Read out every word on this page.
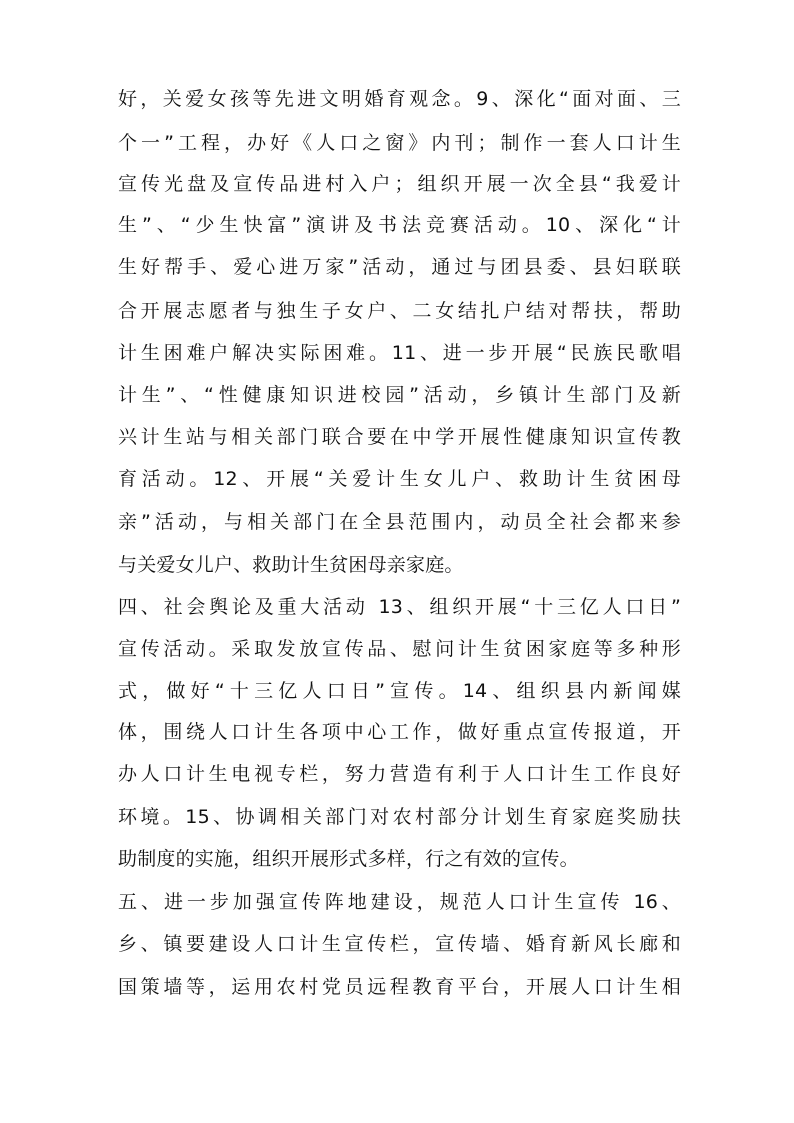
好，关爱女孩等先进文明婚育观念。9、深化“面对面、三
个一”工程，办好《人口之窗》内刊；制作一套人口计生
宣传光盘及宣传品进村入户；组织开展一次全县“我爱计
生”、“少生快富”演讲及书法竞赛活动。10、深化“计
生好帮手、爱心进万家”活动，通过与团县委、县妇联联
合开展志愿者与独生子女户、二女结扎户结对帮扶，帮助
计生困难户解决实际困难。11、进一步开展“民族民歌唱
计生”、“性健康知识进校园”活动，乡镇计生部门及新
兴计生站与相关部门联合要在中学开展性健康知识宣传教
育活动。12、开展“关爱计生女儿户、救助计生贫困母
亲”活动，与相关部门在全县范围内，动员全社会都来参
与关爱女儿户、救助计生贫困母亲家庭。
四、社会舆论及重大活动 13、组织开展“十三亿人口日”
宣传活动。采取发放宣传品、慰问计生贫困家庭等多种形
式，做好“十三亿人口日”宣传。14、组织县内新闻媒
体，围绕人口计生各项中心工作，做好重点宣传报道，开
办人口计生电视专栏，努力营造有利于人口计生工作良好
环境。15、协调相关部门对农村部分计划生育家庭奖励扶
助制度的实施，组织开展形式多样，行之有效的宣传。
五、进一步加强宣传阵地建设，规范人口计生宣传 16、
乡、镇要建设人口计生宣传栏，宣传墙、婚育新风长廊和
国策墙等，运用农村党员远程教育平台，开展人口计生相
